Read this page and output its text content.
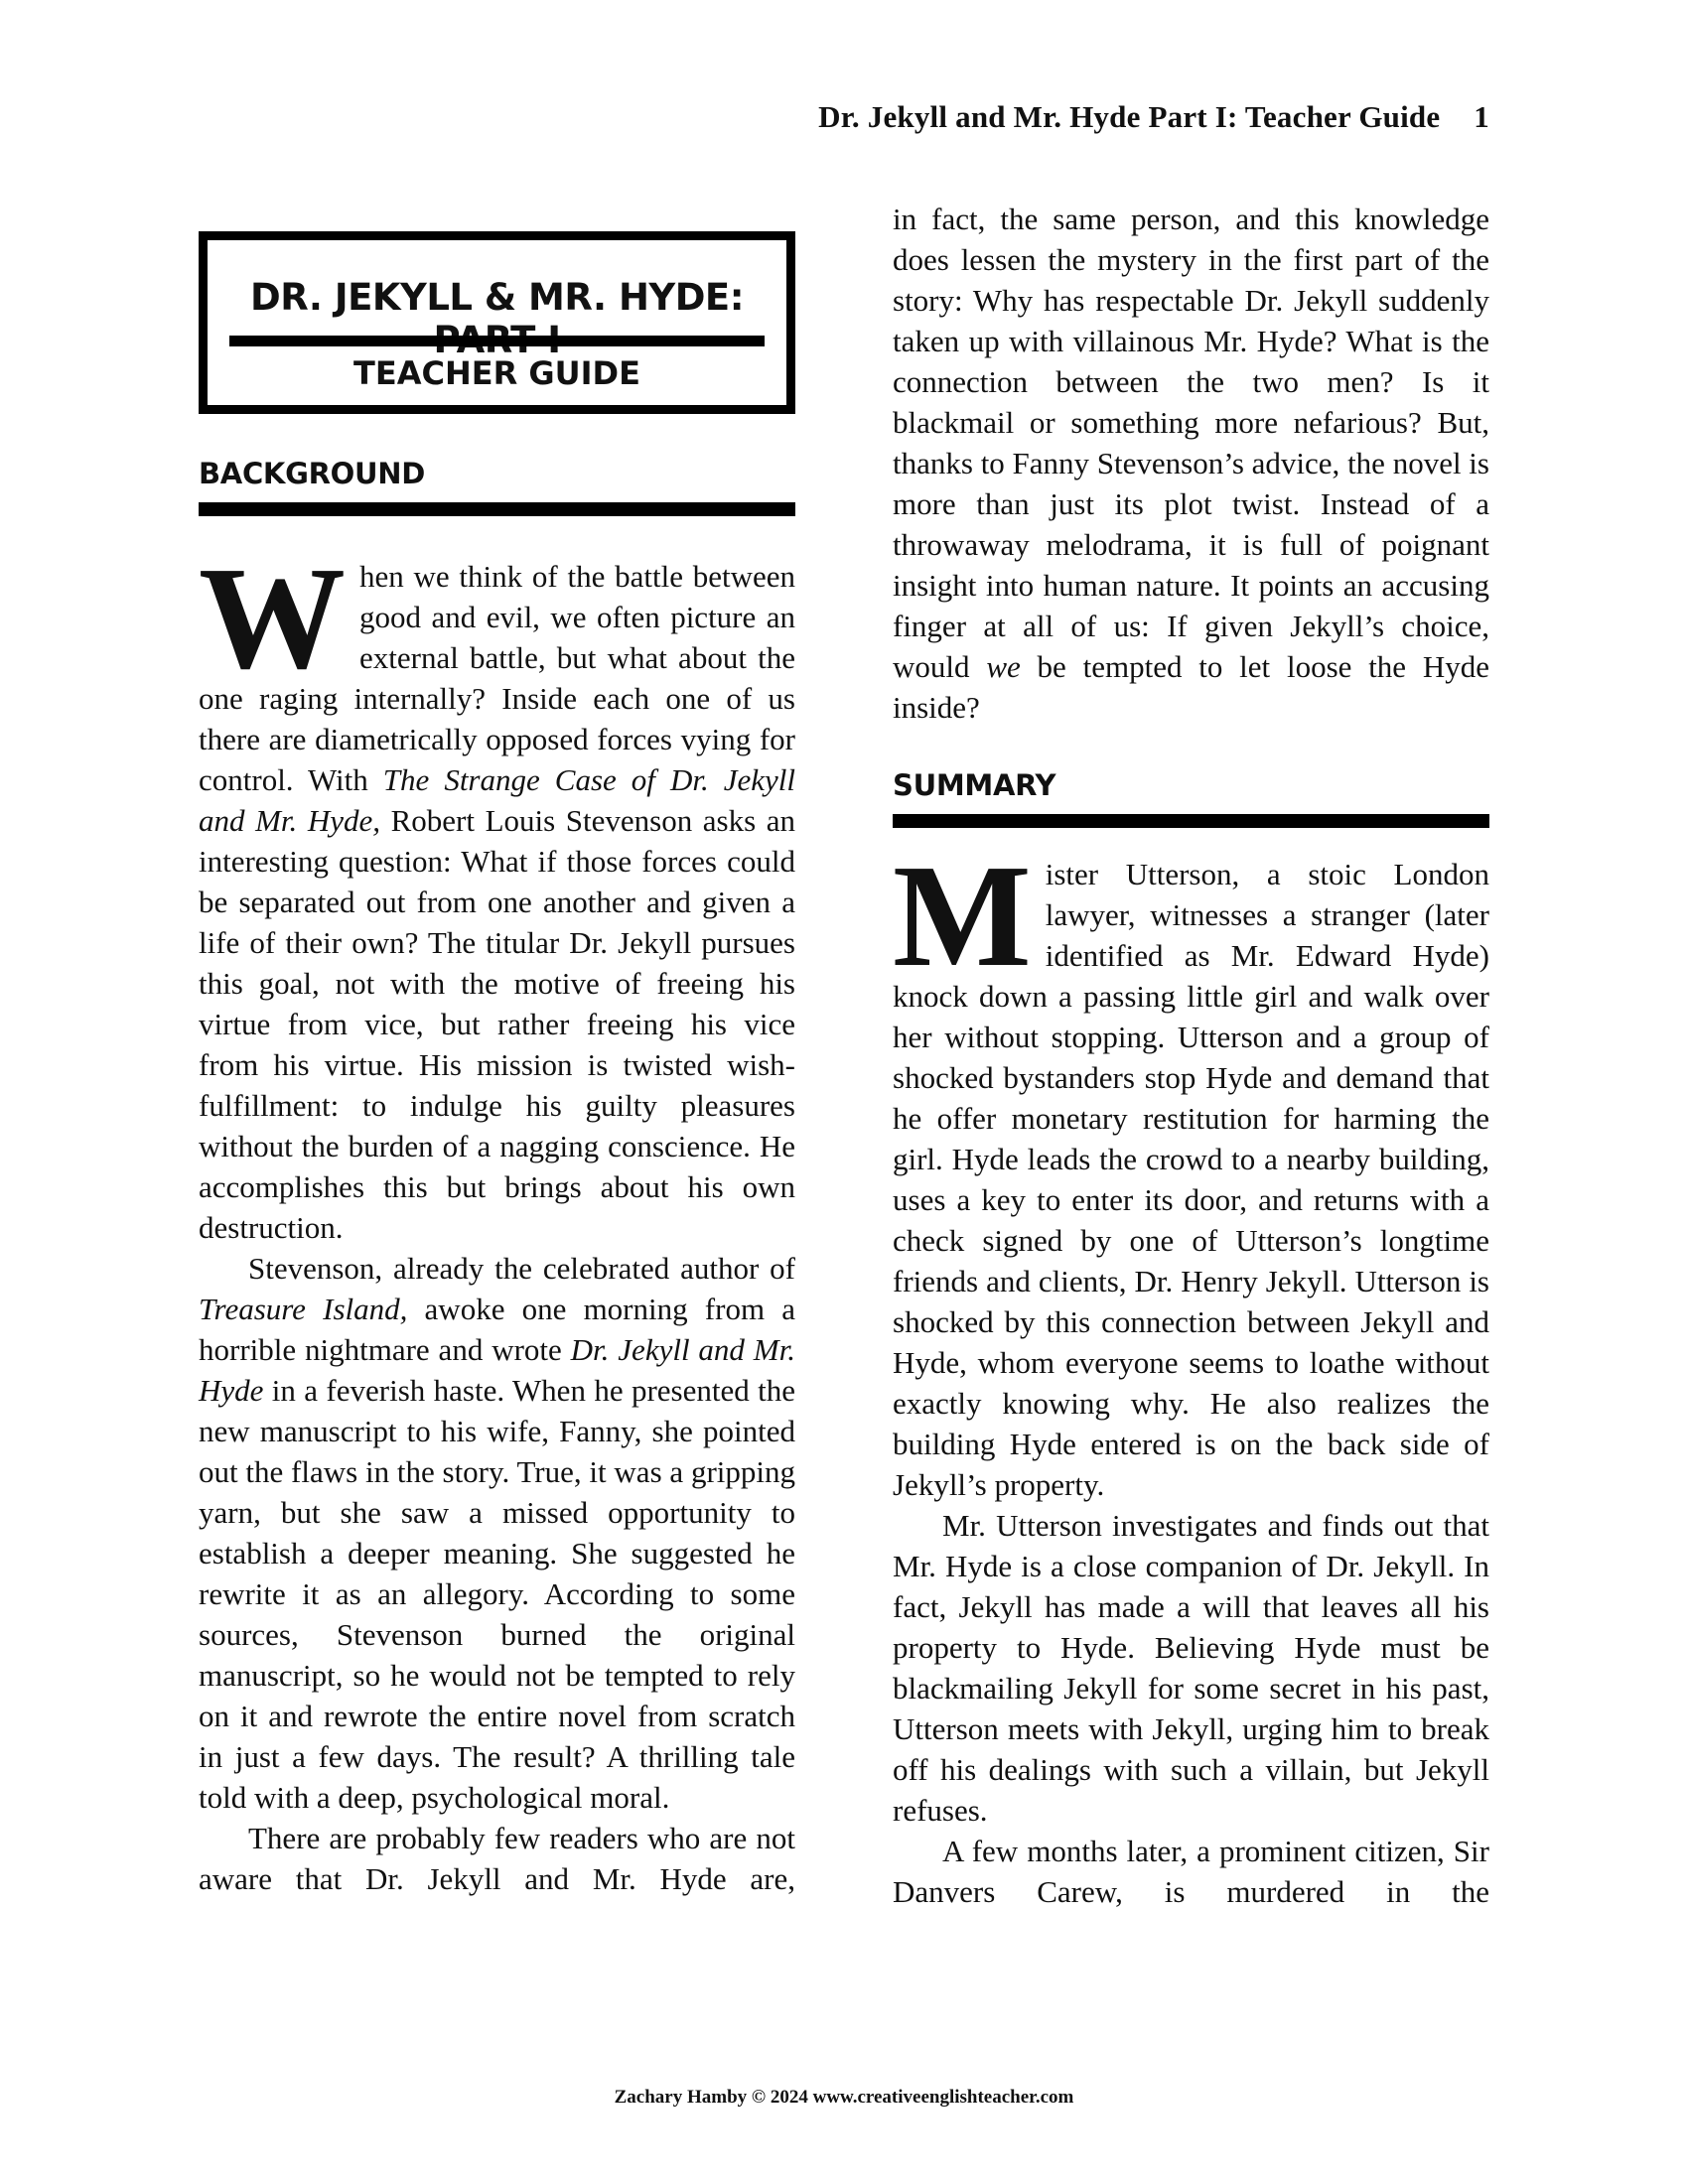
Dr. Jekyll and Mr. Hyde Part I: Teacher Guide 1
DR. JEKYLL & MR. HYDE:
TEACHER GUIDE
BACKGROUND

When we think of the battle between good and evil, we often picture an external battle, but what about the one raging internally? Inside each one of us there are diametrically opposed forces vying for control. With The Strange Case of Dr. Jekyll and Mr. Hyde, Robert Louis Stevenson asks an interesting question: What if those forces could be separated out from one another and given a life of their own? The titular Dr. Jekyll pursues this goal, not with the motive of freeing his virtue from vice, but rather freeing his vice from his virtue. His mission is twisted wish-fulfillment: to indulge his guilty pleasures without the burden of a nagging conscience. He accomplishes this but brings about his own destruction.

Stevenson, already the celebrated author of Treasure Island, awoke one morning from a horrible nightmare and wrote Dr. Jekyll and Mr. Hyde in a feverish haste. When he presented the new manuscript to his wife, Fanny, she pointed out the flaws in the story. True, it was a gripping yarn, but she saw a missed opportunity to establish a deeper meaning. She suggested he rewrite it as an allegory. According to some sources, Stevenson burned the original manuscript, so he would not be tempted to rely on it and rewrote the entire novel from scratch in just a few days. The result? A thrilling tale told with a deep, psychological moral.

There are probably few readers who are not aware that Dr. Jekyll and Mr. Hyde are,

in fact, the same person, and this knowledge does lessen the mystery in the first part of the story: Why has respectable Dr. Jekyll suddenly taken up with villainous Mr. Hyde? What is the connection between the two men? Is it blackmail or something more nefarious? But, thanks to Fanny Stevenson’s advice, the novel is more than just its plot twist. Instead of a throwaway melodrama, it is full of poignant insight into human nature. It points an accusing finger at all of us: If given Jekyll’s choice, would we be tempted to let loose the Hyde inside?

SUMMARY

Mister Utterson, a stoic London lawyer, witnesses a stranger (later identified as Mr. Edward Hyde) knock down a passing little girl and walk over her without stopping. Utterson and a group of shocked bystanders stop Hyde and demand that he offer monetary restitution for harming the girl. Hyde leads the crowd to a nearby building, uses a key to enter its door, and returns with a check signed by one of Utterson’s longtime friends and clients, Dr. Henry Jekyll. Utterson is shocked by this connection between Jekyll and Hyde, whom everyone seems to loathe without exactly knowing why. He also realizes the building Hyde entered is on the back side of Jekyll’s property.

Mr. Utterson investigates and finds out that Mr. Hyde is a close companion of Dr. Jekyll. In fact, Jekyll has made a will that leaves all his property to Hyde. Believing Hyde must be blackmailing Jekyll for some secret in his past, Utterson meets with Jekyll, urging him to break off his dealings with such a villain, but Jekyll refuses.

A few months later, a prominent citizen, Sir Danvers Carew, is murdered in the

Zachary Hamby © 2024 www.creativeenglishteacher.com
